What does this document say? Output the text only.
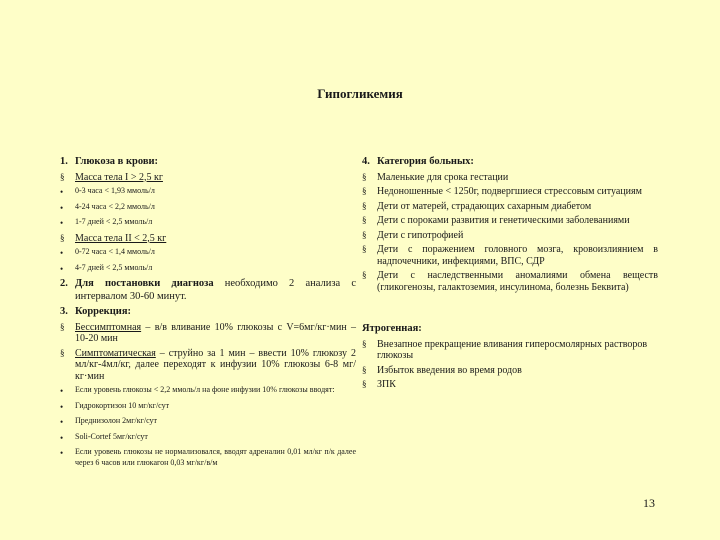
Гипогликемия
1. Глюкоза в крови:
§	Масса тела I > 2,5 кг
•	0-3 часа < 1,93 ммоль/л
•	4-24 часа < 2,2 ммоль/л
•	1-7 дней < 2,5 ммоль/л
§	Масса тела II < 2,5 кг
•	0-72 часа < 1,4 ммоль/л
•	4-7 дней < 2,5 ммоль/л
2. Для постановки диагноза необходимо 2 анализа с интервалом 30-60 минут.
3. Коррекция:
§	Бессимптомная – в/в вливание 10% глюкозы с V=6мг/кг·мин – 10-20 мин
§	Симптоматическая – струйно за 1 мин – ввести 10% глюкозу 2 мл/кг-4мл/кг, далее переходят к инфузии 10% глюкозы 6-8 мг/кг·мин
•	Если уровень глюкозы < 2,2 ммоль/л на фоне инфузии 10% глюкозы вводят:
•	Гидрокортизон 10 мг/кг/сут
•	Преднизолон 2мг/кг/сут
•	Soli-Cortef 5мг/кг/сут
•	Если уровень глюкозы не нормализовался, вводят адреналин 0,01 мл/кг п/к далее через 6 часов или глюкагон 0,03 мг/кг/в/м
4. Категория больных:
§	Маленькие для срока гестации
§	Недоношенные < 1250г, подвергшиеся стрессовым ситуациям
§	Дети от матерей, страдающих сахарным диабетом
§	Дети с пороками развития и генетическими заболеваниями
§	Дети с гипотрофией
§	Дети с поражением головного мозга, кровоизлиянием в надпочечники, инфекциями, ВПС, СДР
§	Дети с наследственными аномалиями обмена веществ (гликогенозы, галактоземия, инсулинома, болезнь Беквита)
Ятрогенная:
§	Внезапное прекращение вливания гиперосмолярных растворов глюкозы
§	Избыток введения во время родов
§	ЗПК
13
